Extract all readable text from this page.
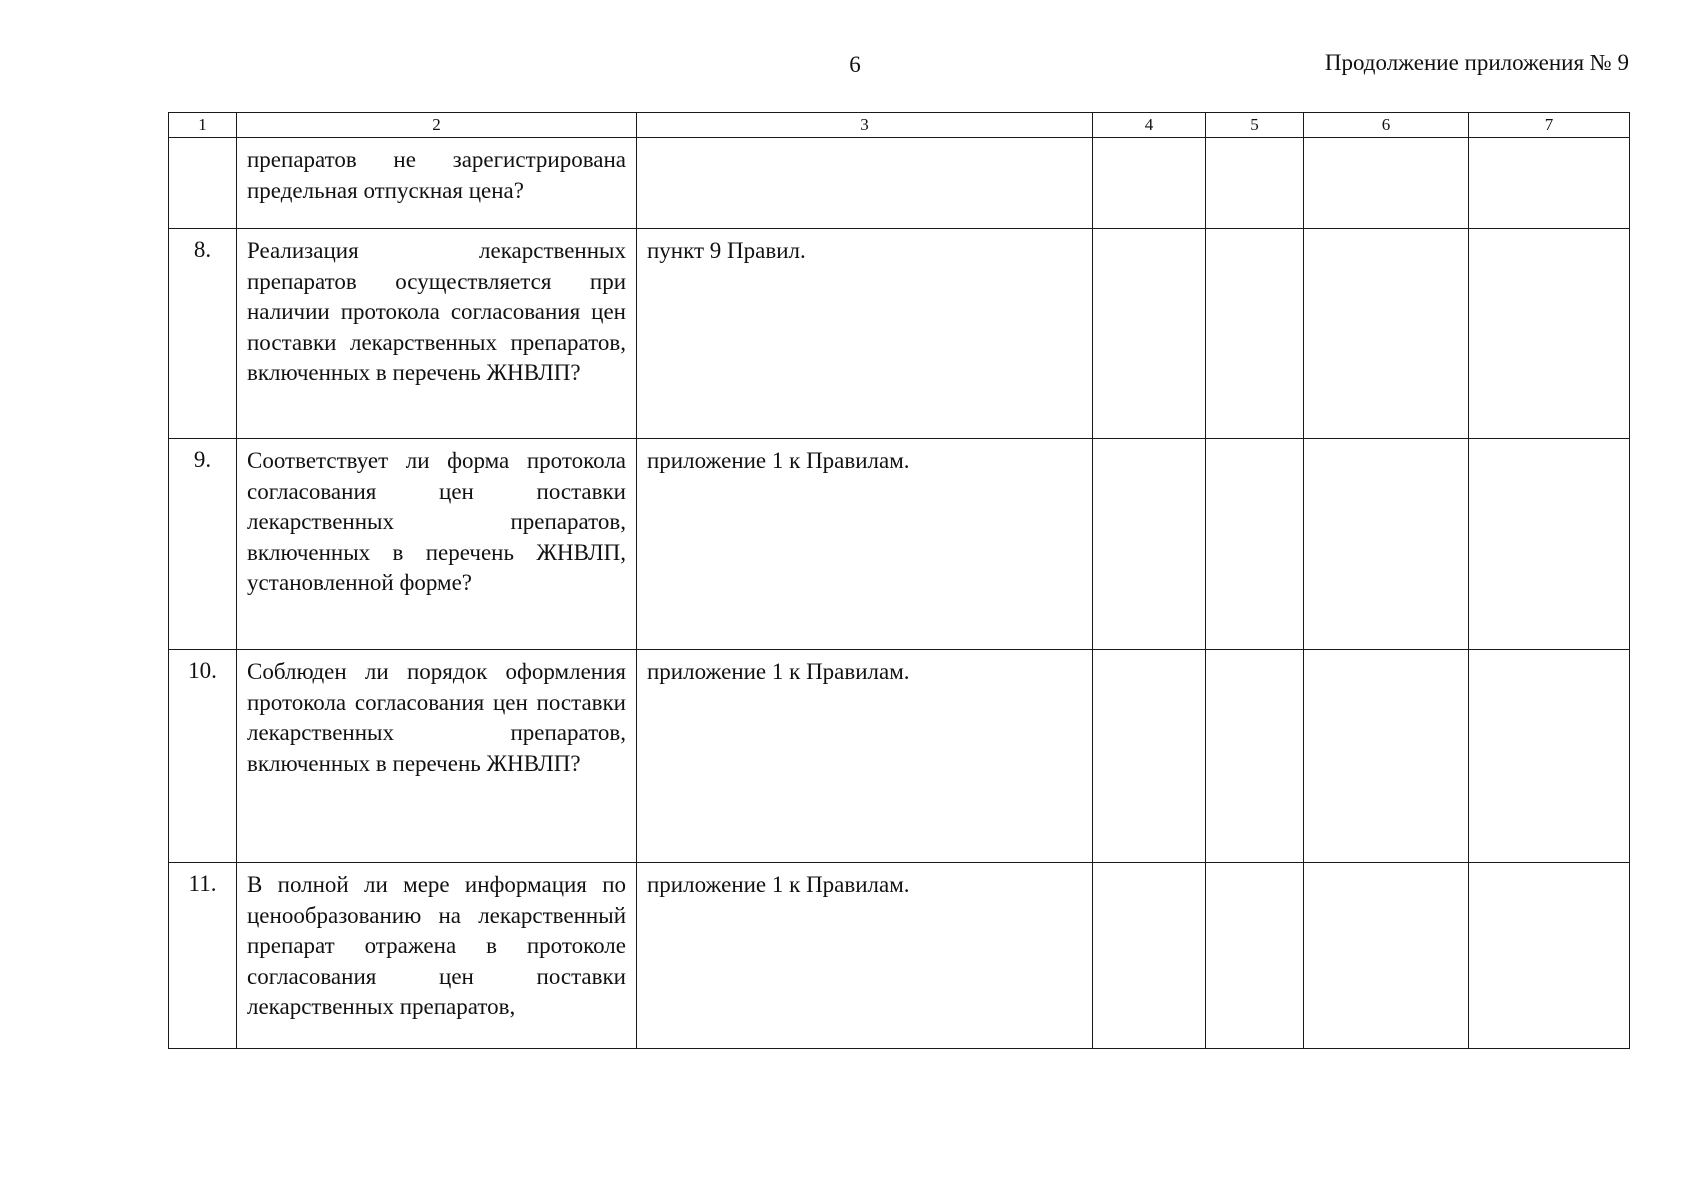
6	Продолжение приложения № 9
1	2	3	4	5	6	7

	препаратов не зарегистрирована предельная отпускная цена?					

8.	Реализация лекарственных препаратов осуществляется при наличии протокола согласования цен поставки лекарственных препаратов, включенных в перечень ЖНВЛП?	пункт 9 Правил.				
9.	Соответствует ли форма протокола согласования цен поставки лекарственных препаратов, включенных в перечень ЖНВЛП, установленной форме?	приложение 1 к Правилам.				
10.	Соблюден ли порядок оформления протокола согласования цен поставки лекарственных препаратов, включенных в перечень ЖНВЛП?	приложение 1 к Правилам.				
11.	В полной ли мере информация по ценообразованию на лекарственный препарат отражена в протоколе согласования цен поставки лекарственных препаратов,	приложение 1 к Правилам.				
